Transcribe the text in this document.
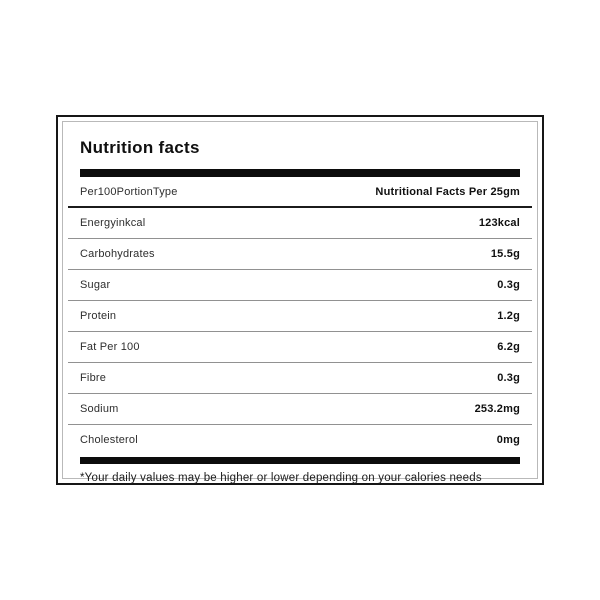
Nutrition facts
Per100PortionType	Nutritional Facts Per 25gm
Energyinkcal	123kcal
Carbohydrates	15.5g
Sugar	0.3g
Protein	1.2g
Fat Per 100	6.2g
Fibre	0.3g
Sodium	253.2mg
Cholesterol	0mg
*Your daily values may be higher or lower depending on your calories needs
